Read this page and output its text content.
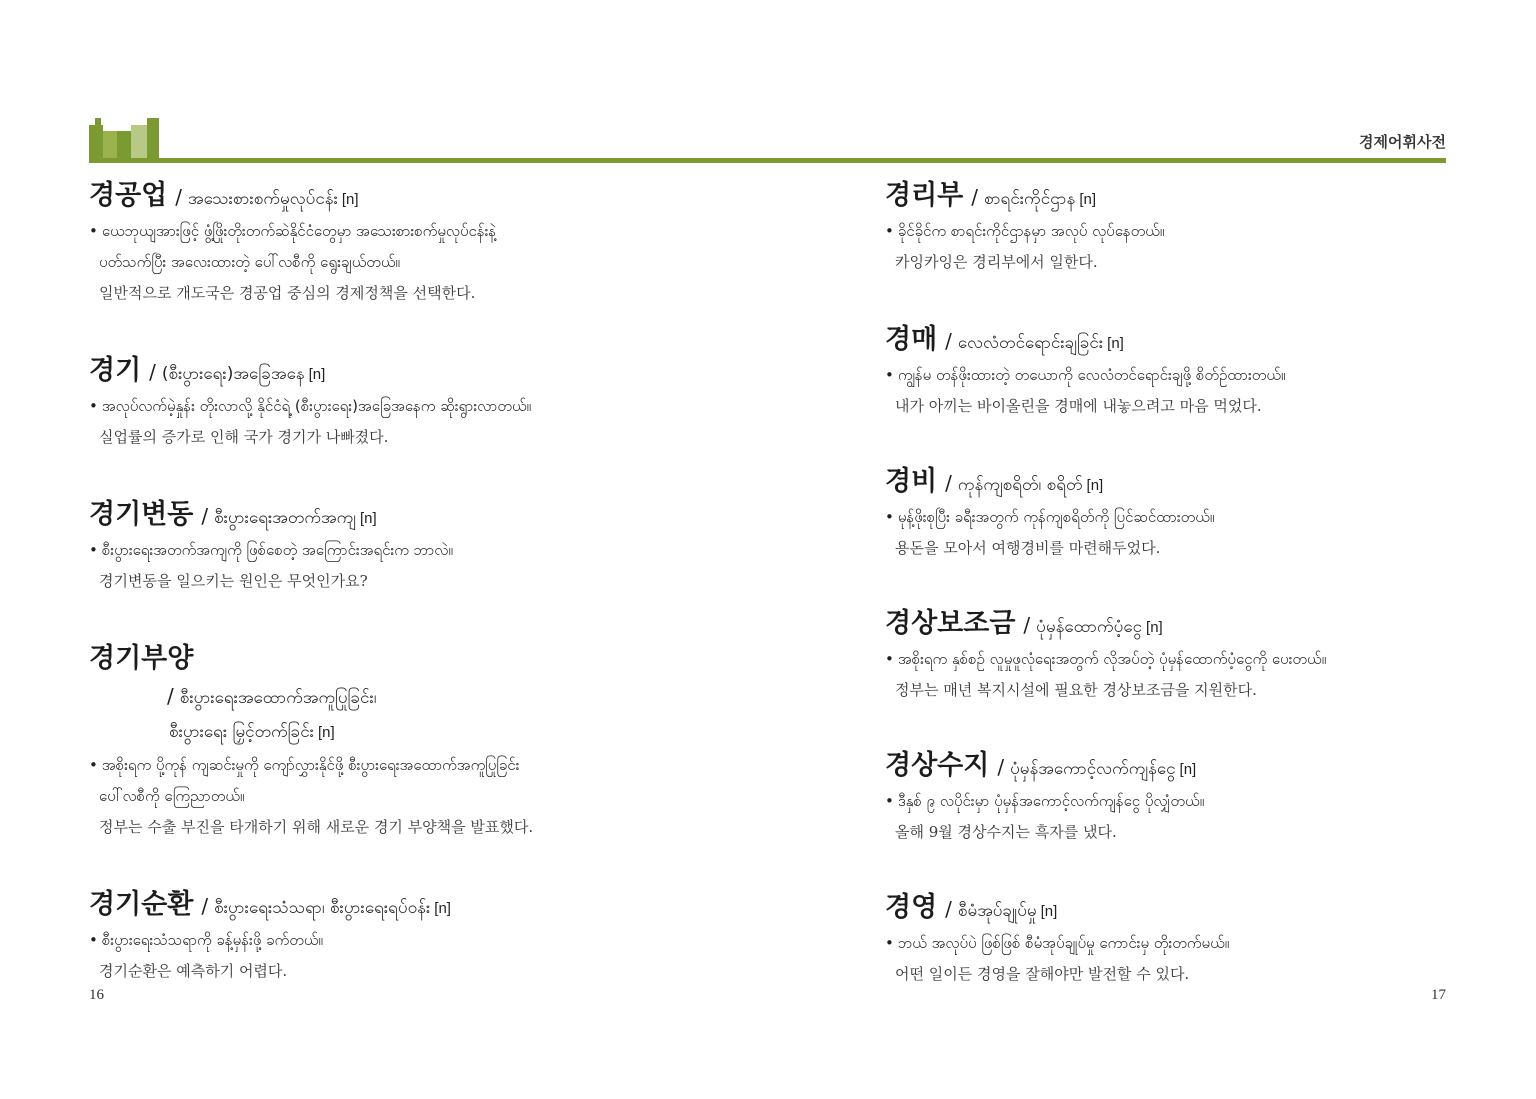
경제어휘사전
경공업 / အသေးစားစက်မှုလုပ်ငန်း [n]
• ယေဘုယျအားဖြင့် ဖွံ့ဖြိုးတိုးတက်ဆဲနိုင်ငံတွေမှာ အသေးစားစက်မှုလုပ်ငန်းနဲ့
ပတ်သက်ပြီး အလေးထားတဲ့ ပေါ်လစီကို ရွေးချယ်တယ်။
일반적으로 개도국은 경공업 중심의 경제정책을 선택한다.
경기 / (စီးပွားရေး)အခြေအနေ [n]
• အလုပ်လက်မဲ့နှုန်း တိုးလာလို့ နိုင်ငံရဲ့ (စီးပွားရေး)အခြေအနေက ဆိုးရွားလာတယ်။
실업률의 증가로 인해 국가 경기가 나빠졌다.
경기변동 / စီးပွားရေးအတက်အကျ [n]
• စီးပွားရေးအတက်အကျကို ဖြစ်စေတဲ့ အကြောင်းအရင်းက ဘာလဲ။
경기변동을 일으키는 원인은 무엇인가요?
경기부양
/ စီးပွားရေးအထောက်အကူပြုခြင်း၊
စီးပွားရေး မြှင့်တက်ခြင်း [n]
• အစိုးရက ပို့ကုန် ကျဆင်းမှုကို ကျော်လွှားနိုင်ဖို့ စီးပွားရေးအထောက်အကူပြုခြင်း
ပေါ်လစီကို ကြေညာတယ်။
정부는 수출 부진을 타개하기 위해 새로운 경기 부양책을 발표했다.
경기순환 / စီးပွားရေးသံသရာ၊ စီးပွားရေးရပ်ဝန်း [n]
• စီးပွားရေးသံသရာကို ခန့်မှန်းဖို့ ခက်တယ်။
경기순환은 예측하기 어렵다.
경리부 / စာရင်းကိုင်ဌာန [n]
• ခိုင်ခိုင်က စာရင်းကိုင်ဌာနမှာ အလုပ် လုပ်နေတယ်။
카잉카잉은 경리부에서 일한다.
경매 / လေလံတင်ရောင်းချခြင်း [n]
• ကျွန်မ တန်ဖိုးထားတဲ့ တယောကို လေလံတင်ရောင်းချဖို့ စိတ်ဉ်ထားတယ်။
내가 아끼는 바이올린을 경매에 내놓으려고 마음 먹었다.
경비 / ကုန်ကျစရိတ်၊ စရိတ် [n]
• မုန့်ဖိုးစုပြီး ခရီးအတွက် ကုန်ကျစရိတ်ကို ပြင်ဆင်ထားတယ်။
용돈을 모아서 여행경비를 마련해두었다.
경상보조금 / ပုံမှန်ထောက်ပံ့ငွေ [n]
• အစိုးရက နှစ်စဉ် လူမှုဖူလုံရေးအတွက် လိုအပ်တဲ့ ပုံမှန်ထောက်ပံ့ငွေကို ပေးတယ်။
정부는 매년 복지시설에 필요한 경상보조금을 지원한다.
경상수지 / ပုံမှန်အကောင့်လက်ကျန်ငွေ [n]
• ဒီနှစ် ၉ လပိုင်းမှာ ပုံမှန်အကောင့်လက်ကျန်ငွေ ပိုလျှံတယ်။
올해 9월 경상수지는 흑자를 냈다.
경영 / စီမံအုပ်ချုပ်မှု [n]
• ဘယ် အလုပ်ပဲ ဖြစ်ဖြစ် စီမံအုပ်ချုပ်မှု ကောင်းမှ တိုးတက်မယ်။
어떤 일이든 경영을 잘해야만 발전할 수 있다.
16	17
